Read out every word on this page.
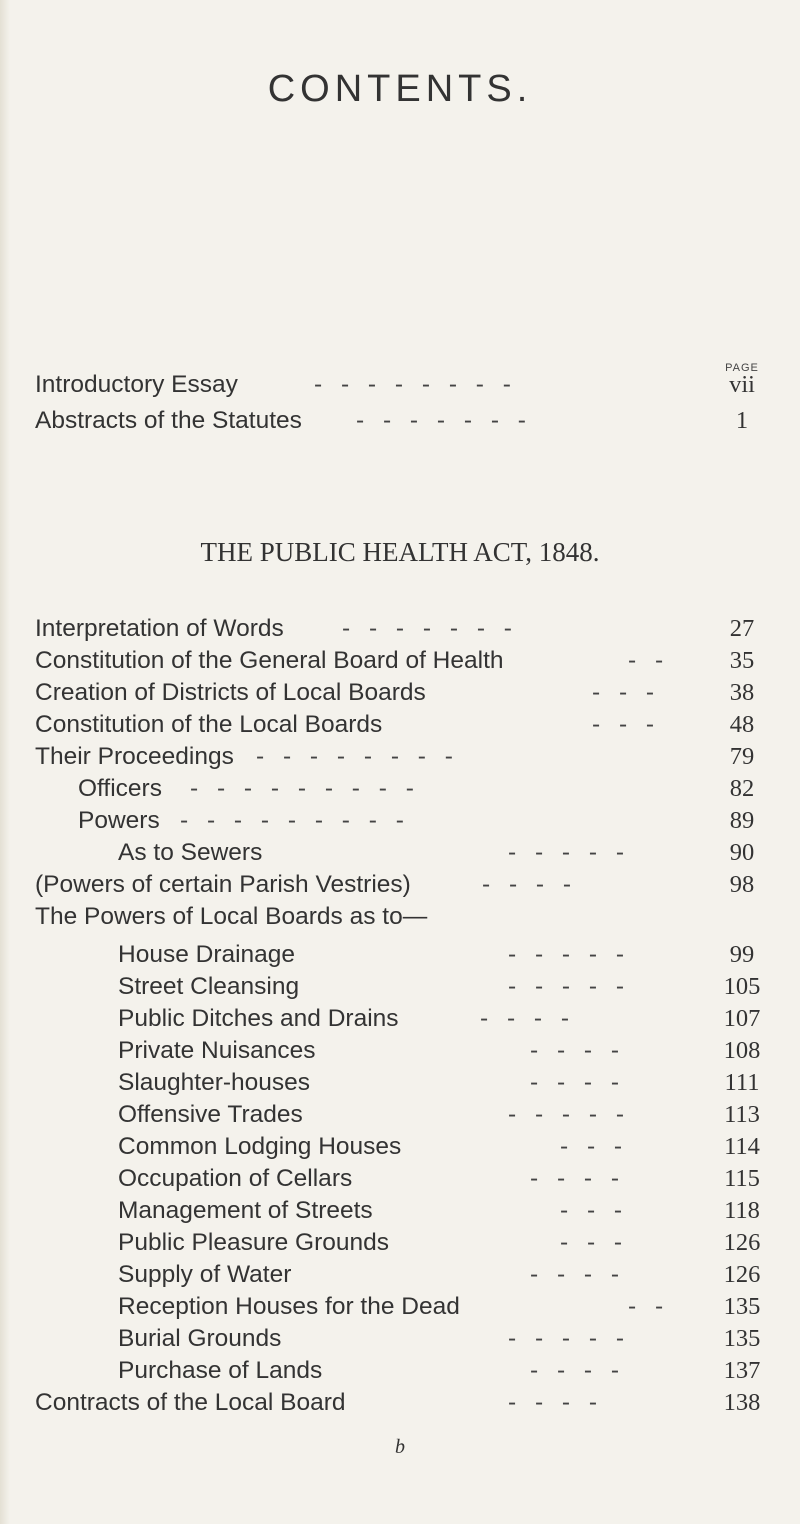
CONTENTS.
PAGE
Introductory Essay	- - - - - - - -	vii
Abstracts of the Statutes - - - - - - -	1
THE PUBLIC HEALTH ACT, 1848.
Interpretation of Words - - - - - - -	27
Constitution of the General Board of Health	- -	35
Creation of Districts of Local Boards	- - -	38
Constitution of the Local Boards	- - -	48
Their Proceedings - - - - - - - -	79
Officers - - - - - - - - -	82
Powers - - - - - - - - -	89
As to Sewers	- - - - -	90
(Powers of certain Parish Vestries)	- - - -	98
The Powers of Local Boards as to—
House Drainage	- - - - -	99
Street Cleansing	- - - - -	105
Public Ditches and Drains	- - - -	107
Private Nuisances	- - - -	108
Slaughter-houses	- - - -	111
Offensive Trades	- - - - -	113
Common Lodging Houses	- - -	114
Occupation of Cellars	- - - -	115
Management of Streets	- - -	118
Public Pleasure Grounds	- - -	126
Supply of Water	- - - -	126
Reception Houses for the Dead	- -	135
Burial Grounds	- - - - -	135
Purchase of Lands	- - - -	137
Contracts of the Local Board	- - - -	138
b
